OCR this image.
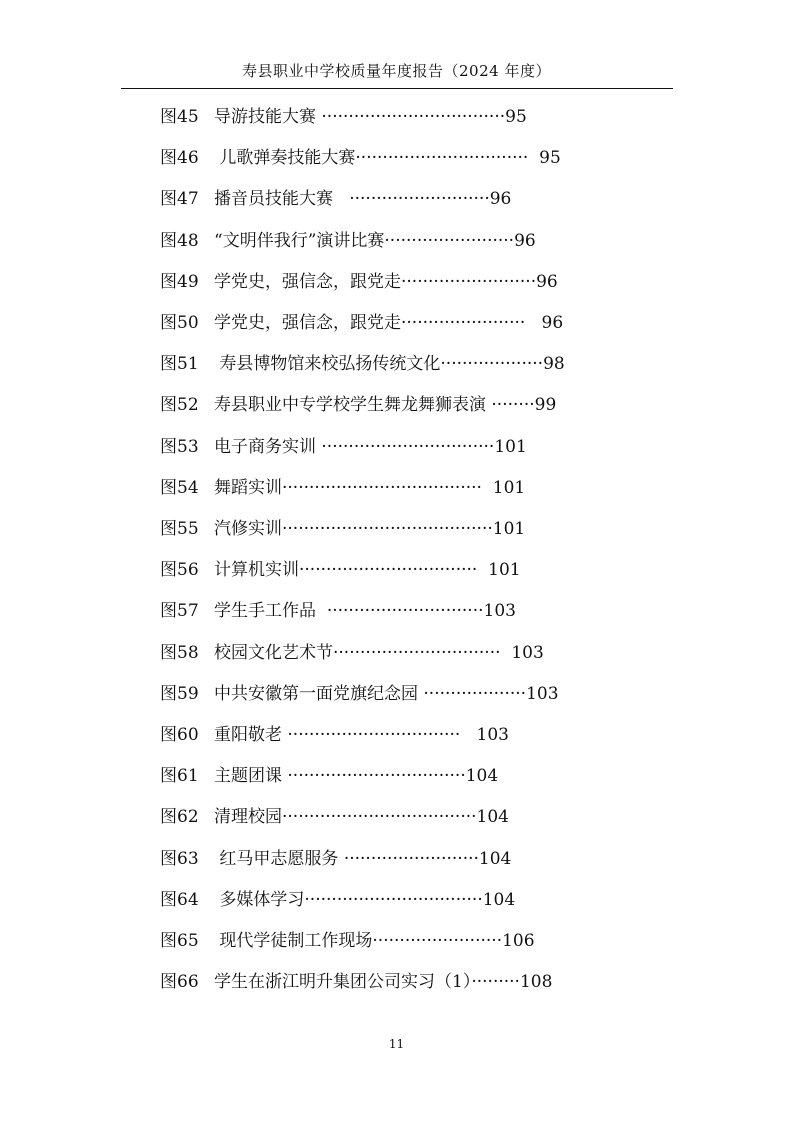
寿县职业中学校质量年度报告（2024 年度）
图45 导游技能大赛 ··································95
图46 儿歌弹奏技能大赛································  95
图47 播音员技能大赛   ··························96
图48 “文明伴我行”演讲比赛························96
图49 学党史，强信念，跟党走·························96
图50 学党史，强信念，跟党走·······················   96
图51 寿县博物馆来校弘扬传统文化···················98
图52 寿县职业中专学校学生舞龙舞狮表演 ········99
图53 电子商务实训 ································101
图54 舞蹈实训·····································  101
图55 汽修实训·······································101
图56 计算机实训·································  101
图57 学生手工作品  ·····························103
图58 校园文化艺术节·······························  103
图59 中共安徽第一面党旗纪念园 ···················103
图60 重阳敬老 ································   103
图61 主题团课 ·································104
图62 清理校园····································104
图63 红马甲志愿服务 ·························104
图64 多媒体学习·································104
图65 现代学徒制工作现场························106
图66 学生在浙江明升集团公司实习（1）·········108
11
